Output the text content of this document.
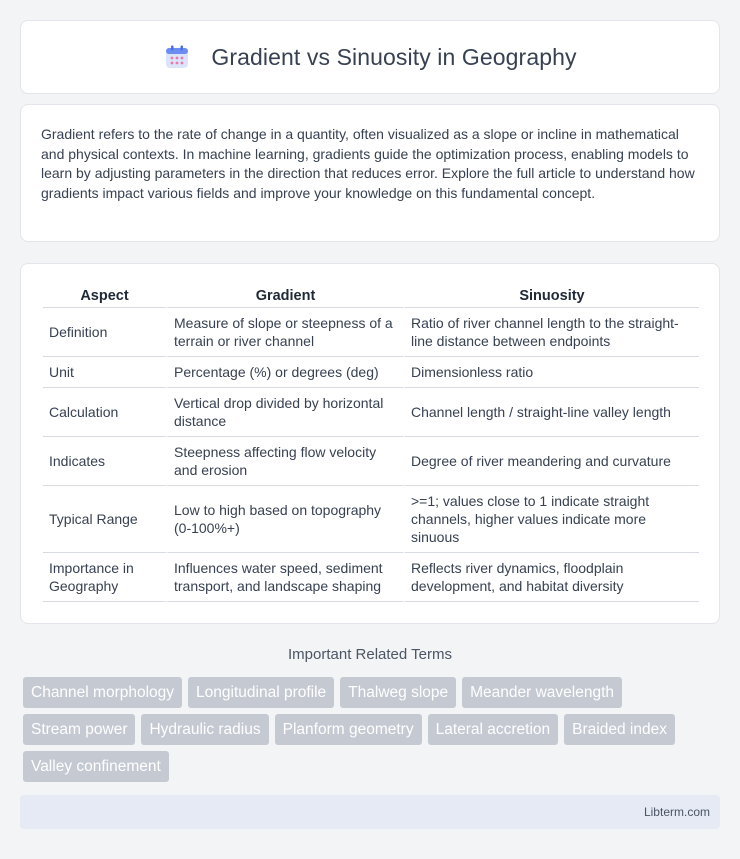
Gradient vs Sinuosity in Geography

Gradient refers to the rate of change in a quantity, often visualized as a slope or incline in mathematical and physical contexts. In machine learning, gradients guide the optimization process, enabling models to learn by adjusting parameters in the direction that reduces error. Explore the full article to understand how gradients impact various fields and improve your knowledge on this fundamental concept.

Aspect	Gradient	Sinuosity
Definition	Measure of slope or steepness of a terrain or river channel	Ratio of river channel length to the straight-line distance between endpoints
Unit	Percentage (%) or degrees (deg)	Dimensionless ratio
Calculation	Vertical drop divided by horizontal distance	Channel length / straight-line valley length
Indicates	Steepness affecting flow velocity and erosion	Degree of river meandering and curvature
Typical Range	Low to high based on topography (0-100%+)	>=1; values close to 1 indicate straight channels, higher values indicate more sinuous
Importance in Geography	Influences water speed, sediment transport, and landscape shaping	Reflects river dynamics, floodplain development, and habitat diversity
Important Related Terms
Channel morphology	Longitudinal profile	Thalweg slope	Meander wavelength
Stream power	Hydraulic radius	Planform geometry	Lateral accretion	Braided index
Valley confinement
Libterm.com
